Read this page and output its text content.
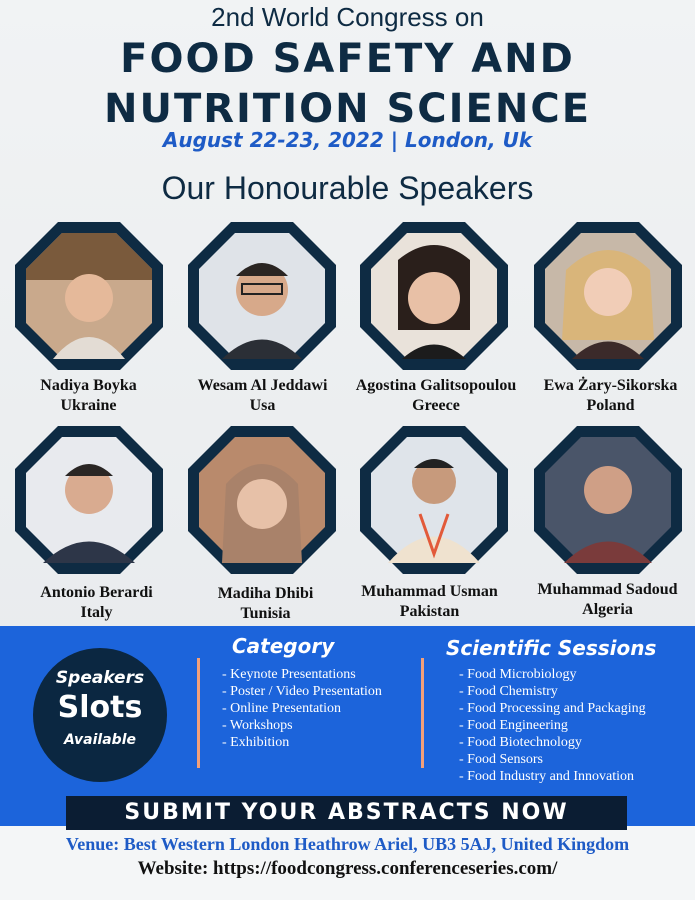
2nd World Congress on
FOOD SAFETY AND
NUTRITION SCIENCE
August 22-23, 2022 | London, Uk
Our Honourable Speakers
Nadiya Boyka
Ukraine
Wesam Al Jeddawi
Usa
Agostina Galitsopoulou
Greece
Ewa Żary-Sikorska
Poland
Antonio Berardi
Italy
Madiha Dhibi
Tunisia
Muhammad Usman
Pakistan
Muhammad Sadoud
Algeria
Speakers
Slots
Available
Category
- Keynote Presentations
- Poster / Video Presentation
- Online Presentation
- Workshops
- Exhibition
Scientific Sessions
- Food Microbiology
- Food Chemistry
- Food Processing and Packaging
- Food Engineering
- Food Biotechnology
- Food Sensors
- Food Industry and Innovation
SUBMIT YOUR ABSTRACTS NOW
Venue: Best Western London Heathrow Ariel, UB3 5AJ, United Kingdom
Website: https://foodcongress.conferenceseries.com/
